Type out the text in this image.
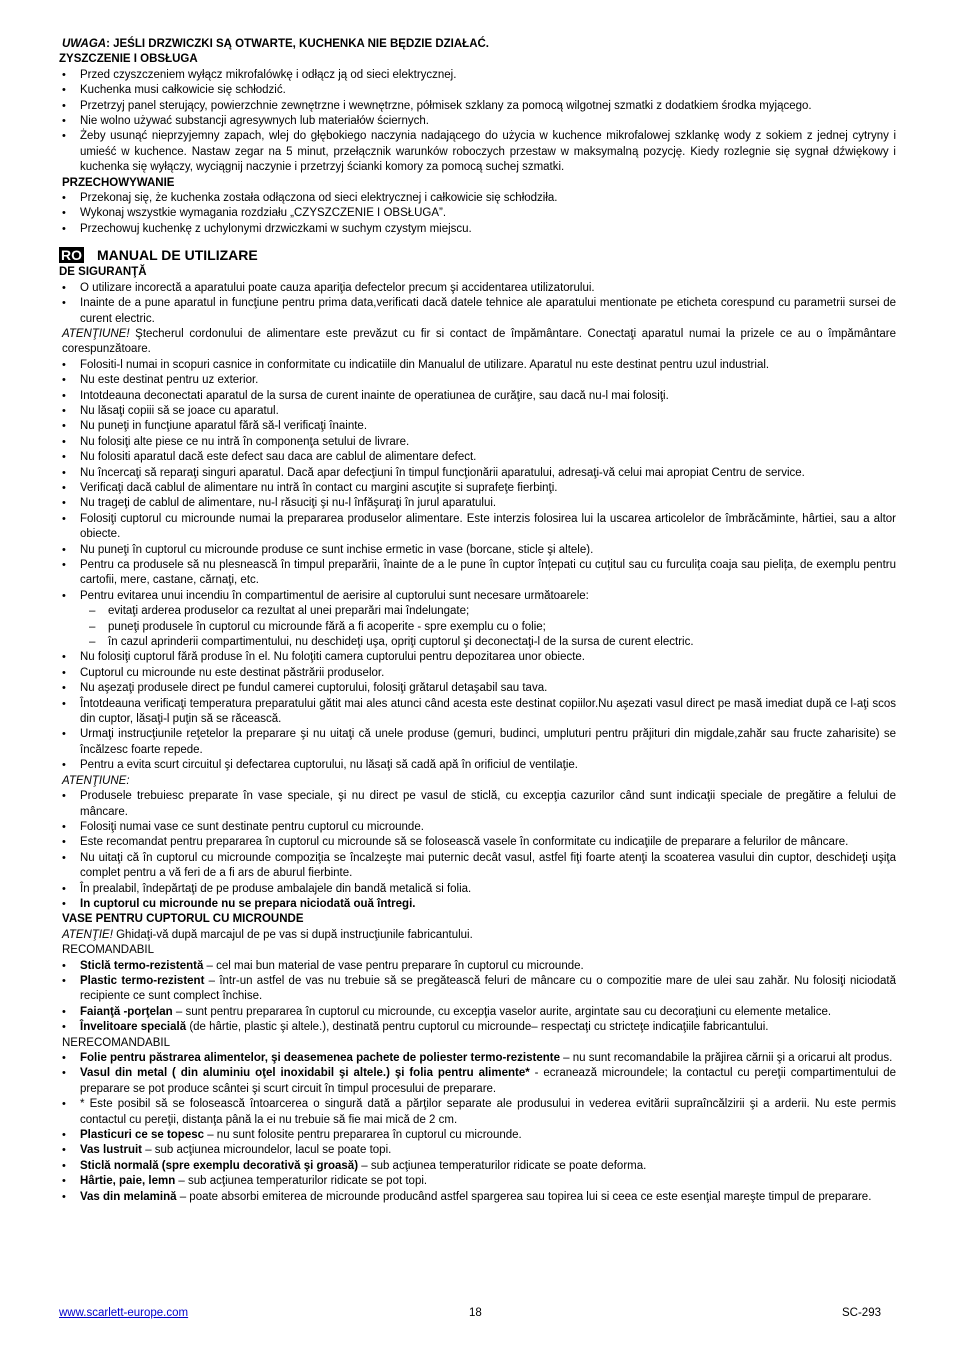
UWAGA: JEŚLI DRZWICZKI SĄ OTWARTE, KUCHENKA NIE BĘDZIE DZIAŁAĆ.

ZYSZCZENIE I OBSŁUGA

• Przed czyszczeniem wyłącz mikrofalówkę i odłącz ją od sieci elektrycznej.
• Kuchenka musi całkowicie się schłodzić.
• Przetrzyj panel sterujący, powierzchnie zewnętrzne i wewnętrzne, półmisek szklany za pomocą wilgotnej szmatki z dodatkiem środka myjącego.
• Nie wolno używać substancji agresywnych lub materiałów ściernych.
• Żeby usunąć nieprzyjemny zapach, wlej do głębokiego naczynia nadającego do użycia w kuchence mikrofalowej szklankę wody z sokiem z jednej cytryny i umieść w kuchence. Nastaw zegar na 5 minut, przełącznik warunków roboczych przestaw w maksymalną pozycję. Kiedy rozlegnie się sygnał dźwiękowy i kuchenka się wyłączy, wyciągnij naczynie i przetrzyj ścianki komory za pomocą suchej szmatki.

PRZECHOWYWANIE

• Przekonaj się, że kuchenka została odłączona od sieci elektrycznej i całkowicie się schłodziła.
• Wykonaj wszystkie wymagania rozdziału „CZYSZCZENIE I OBSŁUGA”.
• Przechowuj kuchenkę z uchylonymi drzwiczkami w suchym czystym miejscu.
RO MANUAL DE UTILIZARE

DE SIGURANŢĂ

• O utilizare incorectă a aparatului poate cauza apariţia defectelor precum şi accidentarea utilizatorului.
• Inainte de a pune aparatul in funcţiune pentru prima data,verificati dacă datele tehnice ale aparatului mentionate pe eticheta corespund cu parametrii sursei de curent electric.

ATENŢIUNE! Ştecherul cordonului de alimentare este prevăzut cu fir si contact de împământare. Conectaţi aparatul numai la prizele ce au o împământare corespunzătoare.

• Folositi-l numai in scopuri casnice in conformitate cu indicatiile din Manualul de utilizare. Aparatul nu este destinat pentru uzul industrial.
• Nu este destinat pentru uz exterior.
• Intotdeauna deconectati aparatul de la sursa de curent inainte de operatiunea de curăţire, sau dacă nu-l mai folosiţi.
• Nu lăsaţi copiii să se joace cu aparatul.
• Nu puneţi in funcţiune aparatul fără să-l verificaţi înainte.
• Nu folosiţi alte piese ce nu intră în componenţa setului de livrare.
• Nu folositi aparatul dacă este defect sau daca are cablul de alimentare defect.
• Nu încercaţi să reparaţi singuri aparatul. Dacă apar defecţiuni în timpul funcţionării aparatului, adresaţi-vă celui mai apropiat Centru de service.
• Verificaţi dacă cablul de alimentare nu intră în contact cu margini ascuţite si suprafeţe fierbinţi.
• Nu trageţi de cablul de alimentare, nu-l răsuciţi şi nu-l înfăşuraţi în jurul aparatului.
• Folosiţi cuptorul cu microunde numai la prepararea produselor alimentare. Este interzis folosirea lui la uscarea articolelor de îmbrăcăminte, hârtiei, sau a altor obiecte.
• Nu puneţi în cuptorul cu microunde produse ce sunt inchise ermetic in vase (borcane, sticle şi altele).
• Pentru ca produsele să nu plesnească în timpul preparării, înainte de a le pune în cuptor înțepati cu cuțitul sau cu furculița coaja sau pielița, de exemplu pentru cartofii, mere, castane, cărnaţi, etc.
• Pentru evitarea unui incendiu în compartimentul de aerisire al cuptorului sunt necesare următoarele:
– evitaţi arderea produselor ca rezultat al unei preparări mai îndelungate;
– puneţi produsele în cuptorul cu microunde fără a fi acoperite - spre exemplu cu o folie;
– în cazul aprinderii compartimentului, nu deschideţi uşa, opriţi cuptorul şi deconectaţi-l de la sursa de curent electric.
• Nu folosiţi cuptorul fără produse în el. Nu foloţiti camera cuptorului pentru depozitarea unor obiecte.
• Cuptorul cu microunde nu este destinat păstrării produselor.
• Nu aşezaţi produsele direct pe fundul camerei cuptorului, folosiţi grătarul detaşabil sau tava.
• Întotdeauna verificaţi temperatura preparatului gătit mai ales atunci când acesta este destinat copiilor.Nu aşezati vasul direct pe masă imediat după ce l-aţi scos din cuptor, lăsaţi-l puţin să se răcească.
• Urmaţi instrucţiunile reţetelor la preparare şi nu uitaţi că unele produse (gemuri, budinci, umpluturi pentru prăjituri din migdale,zahăr sau fructe zaharisite) se încălzesc foarte repede.
• Pentru a evita scurt circuitul şi defectarea cuptorului, nu lăsaţi să cadă apă în orificiul de ventilaţie.

ATENŢIUNE:

• Produsele trebuiesc preparate în vase speciale, şi nu direct pe vasul de sticlă, cu excepţia cazurilor când sunt indicaţii speciale de pregătire a felului de mâncare.
• Folosiţi numai vase ce sunt destinate pentru cuptorul cu microunde.
• Este recomandat pentru prepararea în cuptorul cu microunde să se folosească vasele în conformitate cu indicaţiile de preparare a felurilor de mâncare.
• Nu uitaţi că în cuptorul cu microunde compoziţia se încalzeşte mai puternic decât vasul, astfel fiţi foarte atenţi la scoaterea vasului din cuptor, deschideţi uşiţa complet pentru a vă feri de a fi ars de aburul fierbinte.
• În prealabil, îndepărtaţi de pe produse ambalajele din bandă metalică si folia.
• In cuptorul cu microunde nu se prepara niciodată ouă întregi.

VASE PENTRU CUPTORUL CU MICROUNDE

ATENŢIE! Ghidaţi-vă după marcajul de pe vas si după instrucţiunile fabricantului.

RECOMANDABIL

• Sticlă termo-rezistentă – cel mai bun material de vase pentru preparare în cuptorul cu microunde.
• Plastic termo-rezistent – într-un astfel de vas nu trebuie să se pregătească feluri de mâncare cu o compozitie mare de ulei sau zahăr. Nu folosiţi niciodată recipiente ce sunt complect închise.
• Faianţă -porţelan – sunt pentru prepararea în cuptorul cu microunde, cu excepţia vaselor aurite, argintate sau cu decoraţiuni cu elemente metalice.
• Învelitoare specială (de hârtie, plastic şi altele.), destinată pentru cuptorul cu microunde– respectaţi cu stricteţe indicaţiile fabricantului.

NERECOMANDABIL

• Folie pentru păstrarea alimentelor, şi deasemenea pachete de poliester termo-rezistente – nu sunt recomandabile la prăjirea cărnii şi a oricarui alt produs.
• Vasul din metal ( din aluminiu oţel inoxidabil şi altele.) şi folia pentru alimente* - ecranează microundele; la contactul cu pereţii compartimentului de preparare se pot produce scântei şi scurt circuit în timpul procesului de preparare.
• * Este posibil să se folosească întoarcerea o singură dată a părţilor separate ale produsului in vederea evitării supraîncălzirii şi a arderii. Nu este permis contactul cu pereţii, distanţa până la ei nu trebuie să fie mai mică de 2 cm.
• Plasticuri ce se topesc – nu sunt folosite pentru prepararea în cuptorul cu microunde.
• Vas lustruit – sub acţiunea microundelor, lacul se poate topi.
• Sticlă normală (spre exemplu decorativă şi groasă) – sub acţiunea temperaturilor ridicate se poate deforma.
• Hârtie, paie, lemn – sub acţiunea temperaturilor ridicate se pot topi.
• Vas din melamină – poate absorbi emiterea de microunde producând astfel spargerea sau topirea lui si ceea ce este esenţial mareşte timpul de preparare.
www.scarlett-europe.com	18	SC-293
